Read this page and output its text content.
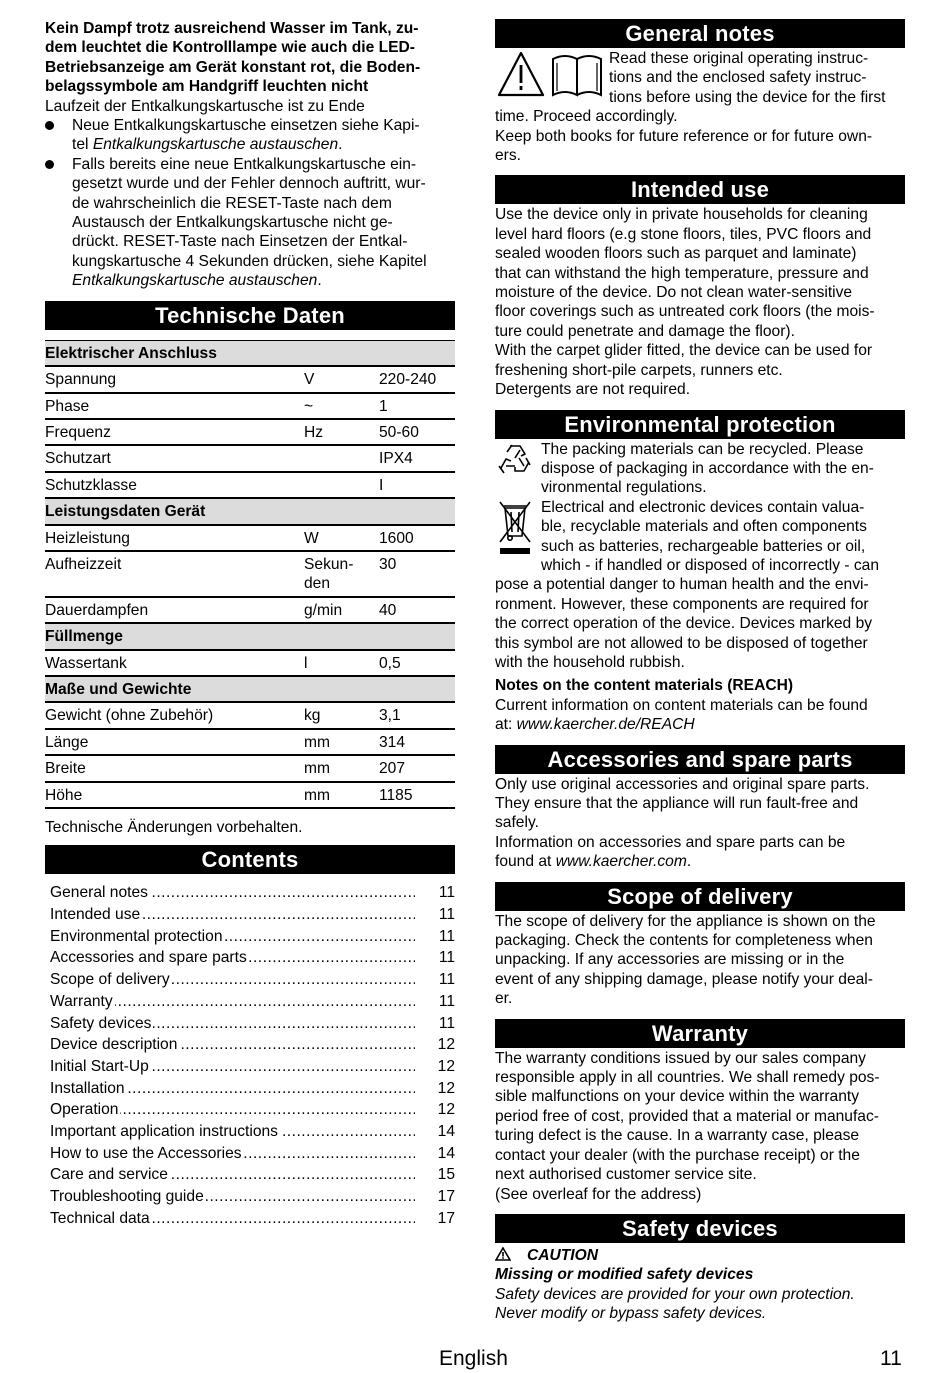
Kein Dampf trotz ausreichend Wasser im Tank, zu-
dem leuchtet die Kontrolllampe wie auch die LED-
Betriebsanzeige am Gerät konstant rot, die Boden-
belagssymbole am Handgriff leuchten nicht

Laufzeit der Entkalkungskartusche ist zu Ende

Neue Entkalkungskartusche einsetzen siehe Kapi-
tel Entkalkungskartusche austauschen.

Falls bereits eine neue Entkalkungskartusche ein-
gesetzt wurde und der Fehler dennoch auftritt, wur-
de wahrscheinlich die RESET-Taste nach dem
Austausch der Entkalkungskartusche nicht ge-
drückt. RESET-Taste nach Einsetzen der Entkal-
kungskartusche 4 Sekunden drücken, siehe Kapitel
Entkalkungskartusche austauschen.

Technische Daten
Elektrischer Anschluss		
Spannung	V	220-240
Phase	~	1
Frequenz	Hz	50-60
Schutzart		IPX4
Schutzklasse		I
Leistungsdaten Gerät		
Heizleistung	W	1600
Aufheizzeit	Sekun-
den	30
Dauerdampfen	g/min	40
Füllmenge		
Wassertank	l	0,5
Maße und Gewichte		
Gewicht (ohne Zubehör)	kg	3,1
Länge	mm	314
Breite	mm	207
Höhe	mm	1185

Technische Änderungen vorbehalten.

Contents
General notes .....	11
Intended use .....	11
Environmental protection .....	11
Accessories and spare parts .....	11
Scope of delivery .....	11
Warranty .....	11
Safety devices .....	11
Device description .....	12
Initial Start-Up .....	12
Installation .....	12
Operation .....	12
Important application instructions .....	14
How to use the Accessories .....	14
Care and service .....	15
Troubleshooting guide .....	17
Technical data .....	17
General notes

Read these original operating instruc-
tions and the enclosed safety instruc-
tions before using the device for the first

time. Proceed accordingly.
Keep both books for future reference or for future own-
ers.

Intended use

Use the device only in private households for cleaning
level hard floors (e.g stone floors, tiles, PVC floors and
sealed wooden floors such as parquet and laminate)
that can withstand the high temperature, pressure and
moisture of the device. Do not clean water-sensitive
floor coverings such as untreated cork floors (the mois-
ture could penetrate and damage the floor).
With the carpet glider fitted, the device can be used for
freshening short-pile carpets, runners etc.
Detergents are not required.

Environmental protection

The packing materials can be recycled. Please
dispose of packaging in accordance with the en-
vironmental regulations.

Electrical and electronic devices contain valua-
ble, recyclable materials and often components
such as batteries, rechargeable batteries or oil,
which - if handled or disposed of incorrectly - can

pose a potential danger to human health and the envi-
ronment. However, these components are required for
the correct operation of the device. Devices marked by
this symbol are not allowed to be disposed of together
with the household rubbish.

Notes on the content materials (REACH)

Current information on content materials can be found
at: www.kaercher.de/REACH

Accessories and spare parts

Only use original accessories and original spare parts.
They ensure that the appliance will run fault-free and
safely.
Information on accessories and spare parts can be
found at www.kaercher.com.

Scope of delivery

The scope of delivery for the appliance is shown on the
packaging. Check the contents for completeness when
unpacking. If any accessories are missing or in the
event of any shipping damage, please notify your deal-
er.

Warranty

The warranty conditions issued by our sales company
responsible apply in all countries. We shall remedy pos-
sible malfunctions on your device within the warranty
period free of cost, provided that a material or manufac-
turing defect is the cause. In a warranty case, please
contact your dealer (with the purchase receipt) or the
next authorised customer service site.
(See overleaf for the address)

Safety devices

CAUTION

Missing or modified safety devices

Safety devices are provided for your own protection.
Never modify or bypass safety devices.

English	11
